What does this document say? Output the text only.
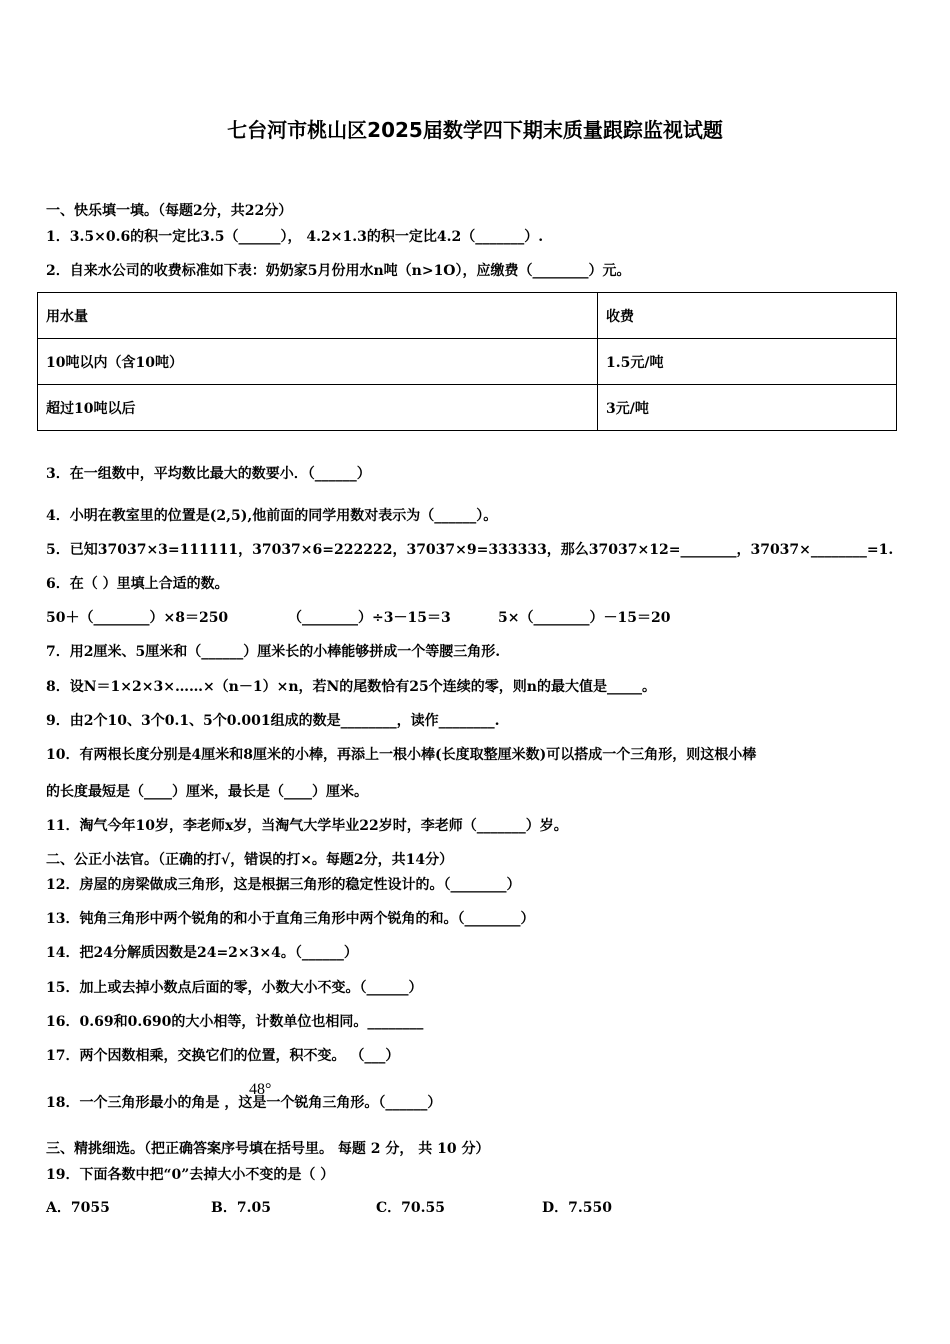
七台河市桃山区2025届数学四下期末质量跟踪监视试题
一、快乐填一填。（每题2分，共22分）
1．3.5×0.6的积一定比3.5（______）， 4.2×1.3的积一定比4.2（_______）.
2．自来水公司的收费标准如下表：奶奶家5月份用水n吨（n>1O），应缴费（________）元。
用水量	收费
10吨以内（含10吨）	1.5元/吨
超过10吨以后	3元/吨
3．在一组数中，平均数比最大的数要小．（______）
4．小明在教室里的位置是(2,5),他前面的同学用数对表示为（______）。
5．已知37037×3=111111，37037×6=222222，37037×9=333333，那么37037×12=________，37037×________=1.
6．在（ ）里填上合适的数。
50＋（________）×8＝250	（________）÷3－15＝3	5×（________）－15＝20
7．用2厘米、5厘米和（______）厘米长的小棒能够拼成一个等腰三角形.
8．设N＝1×2×3×……×（n－1）×n，若N的尾数恰有25个连续的零，则n的最大值是_____。
9．由2个10、3个0.1、5个0.001组成的数是________，读作________.
10．有两根长度分别是4厘米和8厘米的小棒，再添上一根小棒(长度取整厘米数)可以搭成一个三角形，则这根小棒
的长度最短是（____）厘米，最长是（____）厘米。
11．淘气今年10岁，李老师x岁，当淘气大学毕业22岁时，李老师（_______）岁。
二、公正小法官。（正确的打√，错误的打×。每题2分，共14分）
12．房屋的房梁做成三角形，这是根据三角形的稳定性设计的。（________）
13．钝角三角形中两个锐角的和小于直角三角形中两个锐角的和。（________）
14．把24分解质因数是24=2×3×4。（______）
15．加上或去掉小数点后面的零，小数大小不变。（______）
16．0.69和0.690的大小相等，计数单位也相同。________
17．两个因数相乘，交换它们的位置，积不变。 （___）
18．一个三角形最小的角是 ，这是一个锐角三角形。（______）
48°
三、精挑细选。（把正确答案序号填在括号里。 每题 2 分， 共 10 分）
19．下面各数中把“0”去掉大小不变的是（ ）
A．7055	B．7.05	C．70.55	D．7.550
